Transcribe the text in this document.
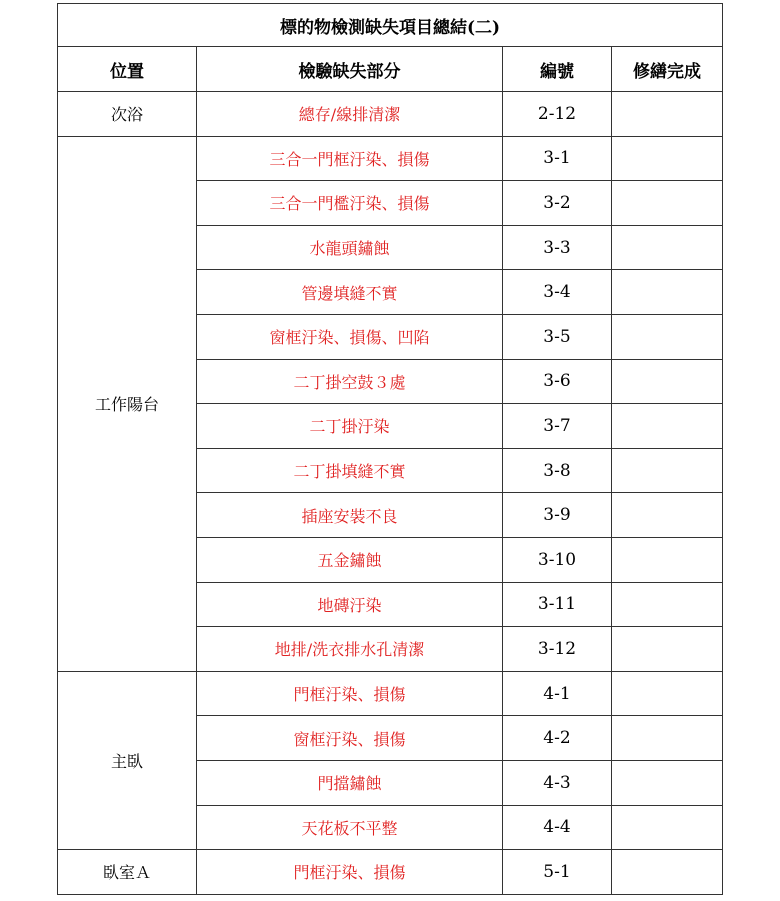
標的物檢測缺失項目總結(二)			
位置	檢驗缺失部分	編號	修繕完成
次浴	總存/線排清潔	2-12	
工作陽台	三合一門框汙染、損傷	3-1	
	三合一門檻汙染、損傷	3-2	
	水龍頭鏽蝕	3-3	
	管邊填縫不實	3-4	
	窗框汙染、損傷、凹陷	3-5	
	二丁掛空鼓３處	3-6	
	二丁掛汙染	3-7	
	二丁掛填縫不實	3-8	
	插座安裝不良	3-9	
	五金鏽蝕	3-10	
	地磚汙染	3-11	
	地排/洗衣排水孔清潔	3-12	
主臥	門框汙染、損傷	4-1	
	窗框汙染、損傷	4-2	
	門擋鏽蝕	4-3	
	天花板不平整	4-4	
臥室Ａ	門框汙染、損傷	5-1	
